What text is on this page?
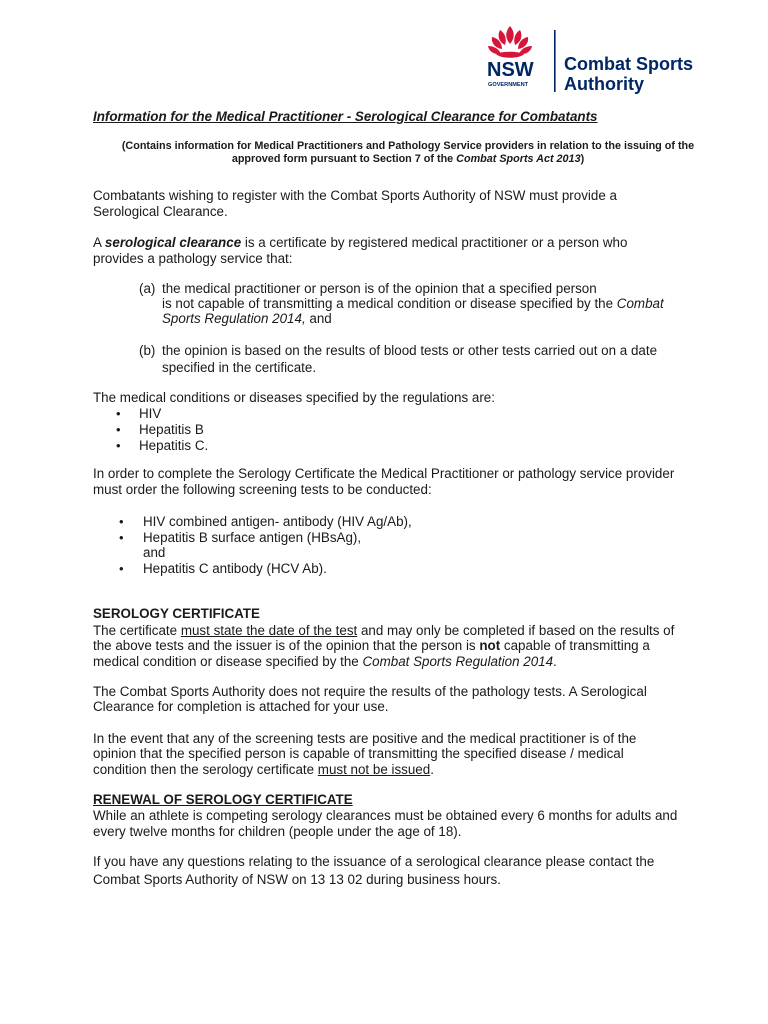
NSW
GOVERNMENT
Combat Sports
Authority
Information for the Medical Practitioner - Serological Clearance for Combatants
(Contains information for Medical Practitioners and Pathology Service providers in relation to the issuing of the
approved form pursuant to Section 7 of the Combat Sports Act 2013)
Combatants wishing to register with the Combat Sports Authority of NSW must provide a
Serological Clearance.
A serological clearance is a certificate by registered medical practitioner or a person who
provides a pathology service that:
(a) the medical practitioner or person is of the opinion that a specified person
is not capable of transmitting a medical condition or disease specified by the Combat
Sports Regulation 2014, and
(b) the opinion is based on the results of blood tests or other tests carried out on a date
specified in the certificate.
The medical conditions or diseases specified by the regulations are:
• HIV
• Hepatitis B
• Hepatitis C.
In order to complete the Serology Certificate the Medical Practitioner or pathology service provider
must order the following screening tests to be conducted:
• HIV combined antigen- antibody (HIV Ag/Ab),
• Hepatitis B surface antigen (HBsAg),
and
• Hepatitis C antibody (HCV Ab).
SEROLOGY CERTIFICATE
The certificate must state the date of the test and may only be completed if based on the results of
the above tests and the issuer is of the opinion that the person is not capable of transmitting a
medical condition or disease specified by the Combat Sports Regulation 2014.
The Combat Sports Authority does not require the results of the pathology tests. A Serological
Clearance for completion is attached for your use.
In the event that any of the screening tests are positive and the medical practitioner is of the
opinion that the specified person is capable of transmitting the specified disease / medical
condition then the serology certificate must not be issued.
RENEWAL OF SEROLOGY CERTIFICATE
While an athlete is competing serology clearances must be obtained every 6 months for adults and
every twelve months for children (people under the age of 18).
If you have any questions relating to the issuance of a serological clearance please contact the
Combat Sports Authority of NSW on 13 13 02 during business hours.
